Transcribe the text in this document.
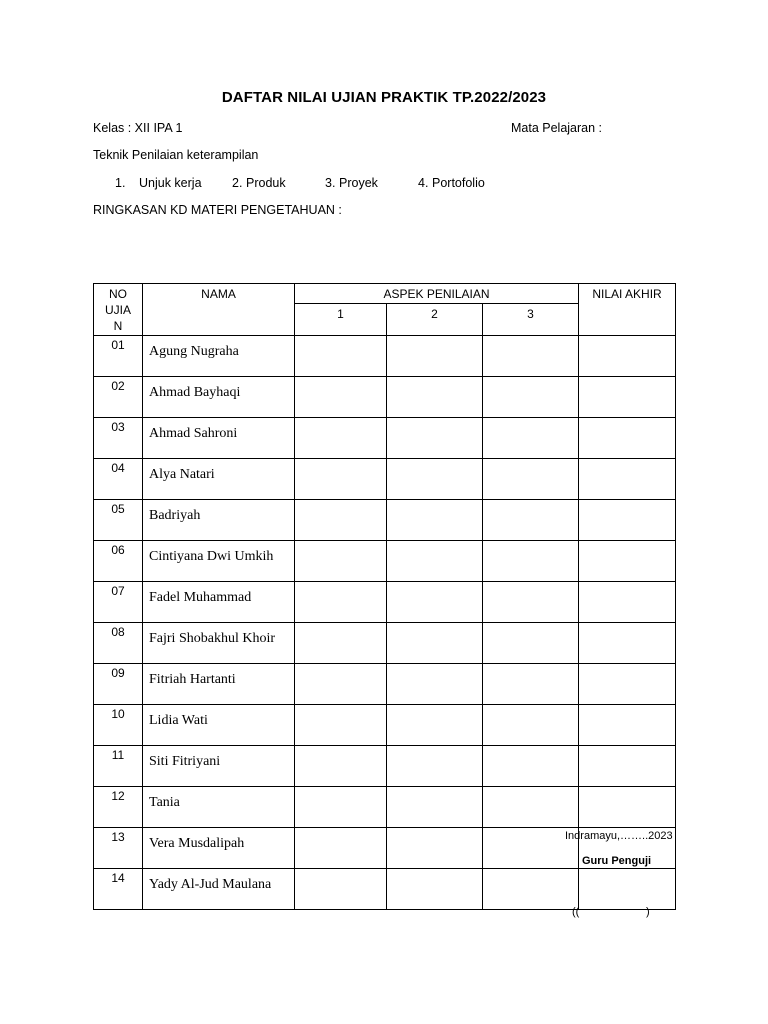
DAFTAR NILAI UJIAN PRAKTIK TP.2022/2023
Kelas : XII IPA 1	Mata Pelajaran :
Teknik Penilaian keterampilan
1. Unjuk kerja 2. Produk	3. Proyek	4. Portofolio
RINGKASAN KD MATERI PENGETAHUAN :
NO
UJIA
N	NAMA	ASPEK PENILAIAN			NILAI AKHIR
		1	2	3	
01	Agung Nugraha				
02	Ahmad Bayhaqi				
03	Ahmad Sahroni				
04	Alya Natari				
05	Badriyah				
06	Cintiyana Dwi Umkih				
07	Fadel Muhammad				
08	Fajri Shobakhul Khoir				
09	Fitriah Hartanti				
10	Lidia Wati				
11	Siti Fitriyani				
12	Tania				
13	Vera Musdalipah				
14	Yady Al-Jud Maulana				
Indramayu,……..2023
Guru Penguji
((	)
